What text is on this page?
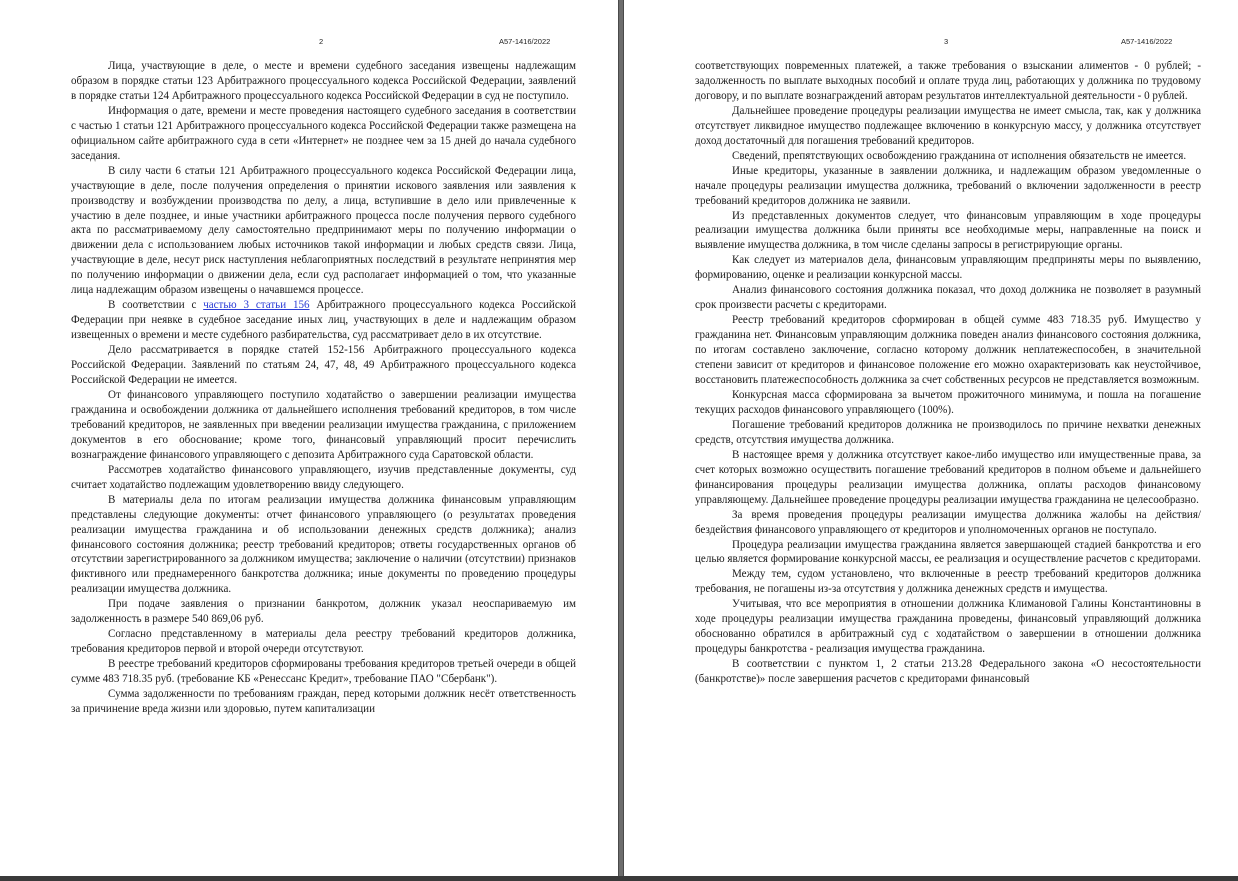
2	А57-1416/2022

Лица, участвующие в деле, о месте и времени судебного заседания извещены надлежащим образом в порядке статьи 123 Арбитражного процессуального кодекса Российской Федерации, заявлений в порядке статьи 124 Арбитражного процессуального кодекса Российской Федерации в суд не поступило.

Информация о дате, времени и месте проведения настоящего судебного заседания в соответствии с частью 1 статьи 121 Арбитражного процессуального кодекса Российской Федерации также размещена на официальном сайте арбитражного суда в сети «Интернет» не позднее чем за 15 дней до начала судебного заседания.

В силу части 6 статьи 121 Арбитражного процессуального кодекса Российской Федерации лица, участвующие в деле, после получения определения о принятии искового заявления или заявления к производству и возбуждении производства по делу, а лица, вступившие в дело или привлеченные к участию в деле позднее, и иные участники арбитражного процесса после получения первого судебного акта по рассматриваемому делу самостоятельно предпринимают меры по получению информации о движении дела с использованием любых источников такой информации и любых средств связи. Лица, участвующие в деле, несут риск наступления неблагоприятных последствий в результате непринятия мер по получению информации о движении дела, если суд располагает информацией о том, что указанные лица надлежащим образом извещены о начавшемся процессе.

В соответствии с частью 3 статьи 156 Арбитражного процессуального кодекса Российской Федерации при неявке в судебное заседание иных лиц, участвующих в деле и надлежащим образом извещенных о времени и месте судебного разбирательства, суд рассматривает дело в их отсутствие.

Дело рассматривается в порядке статей 152-156 Арбитражного процессуального кодекса Российской Федерации. Заявлений по статьям 24, 47, 48, 49 Арбитражного процессуального кодекса Российской Федерации не имеется.

От финансового управляющего поступило ходатайство о завершении реализации имущества гражданина и освобождении должника от дальнейшего исполнения требований кредиторов, в том числе требований кредиторов, не заявленных при введении реализации имущества гражданина, с приложением документов в его обоснование; кроме того, финансовый управляющий просит перечислить вознаграждение финансового управляющего с депозита Арбитражного суда Саратовской области.

Рассмотрев ходатайство финансового управляющего, изучив представленные документы, суд считает ходатайство подлежащим удовлетворению ввиду следующего.

В материалы дела по итогам реализации имущества должника финансовым управляющим представлены следующие документы: отчет финансового управляющего (о результатах проведения реализации имущества гражданина и об использовании денежных средств должника); анализ финансового состояния должника; реестр требований кредиторов; ответы государственных органов об отсутствии зарегистрированного за должником имущества; заключение о наличии (отсутствии) признаков фиктивного или преднамеренного банкротства должника; иные документы по проведению процедуры реализации имущества должника.

При подаче заявления о признании банкротом, должник указал неоспариваемую им задолженность в размере 540 869,06 руб.

Согласно представленному в материалы дела реестру требований кредиторов должника, требования кредиторов первой и второй очереди отсутствуют.

В реестре требований кредиторов сформированы требования кредиторов третьей очереди в общей сумме 483 718.35 руб. (требование КБ «Ренессанс Кредит», требование ПАО "Сбербанк").

Сумма задолженности по требованиям граждан, перед которыми должник несёт ответственность за причинение вреда жизни или здоровью, путем капитализации

3	А57-1416/2022

соответствующих повременных платежей, а также требования о взыскании алиментов - 0 рублей; - задолженность по выплате выходных пособий и оплате труда лиц, работающих у должника по трудовому договору, и по выплате вознаграждений авторам результатов интеллектуальной деятельности - 0 рублей.

Дальнейшее проведение процедуры реализации имущества не имеет смысла, так, как у должника отсутствует ликвидное имущество подлежащее включению в конкурсную массу, у должника отсутствует доход достаточный для погашения требований кредиторов.

Сведений, препятствующих освобождению гражданина от исполнения обязательств не имеется.

Иные кредиторы, указанные в заявлении должника, и надлежащим образом уведомленные о начале процедуры реализации имущества должника, требований о включении задолженности в реестр требований кредиторов должника не заявили.

Из представленных документов следует, что финансовым управляющим в ходе процедуры реализации имущества должника были приняты все необходимые меры, направленные на поиск и выявление имущества должника, в том числе сделаны запросы в регистрирующие органы.

Как следует из материалов дела, финансовым управляющим предприняты меры по выявлению, формированию, оценке и реализации конкурсной массы.

Анализ финансового состояния должника показал, что доход должника не позволяет в разумный срок произвести расчеты с кредиторами.

Реестр требований кредиторов сформирован в общей сумме 483 718.35 руб. Имущество у гражданина нет. Финансовым управляющим должника поведен анализ финансового состояния должника, по итогам составлено заключение, согласно которому должник неплатежеспособен, в значительной степени зависит от кредиторов и финансовое положение его можно охарактеризовать как неустойчивое, восстановить платежеспособность должника за счет собственных ресурсов не представляется возможным.

Конкурсная масса сформирована за вычетом прожиточного минимума, и пошла на погашение текущих расходов финансового управляющего (100%).

Погашение требований кредиторов должника не производилось по причине нехватки денежных средств, отсутствия имущества должника.

В настоящее время у должника отсутствует какое-либо имущество или имущественные права, за счет которых возможно осуществить погашение требований кредиторов в полном объеме и дальнейшего финансирования процедуры реализации имущества должника, оплаты расходов финансовому управляющему. Дальнейшее проведение процедуры реализации имущества гражданина не целесообразно.

За время проведения процедуры реализации имущества должника жалобы на действия/бездействия финансового управляющего от кредиторов и уполномоченных органов не поступало.

Процедура реализации имущества гражданина является завершающей стадией банкротства и его целью является формирование конкурсной массы, ее реализация и осуществление расчетов с кредиторами.

Между тем, судом установлено, что включенные в реестр требований кредиторов должника требования, не погашены из-за отсутствия у должника денежных средств и имущества.

Учитывая, что все мероприятия в отношении должника Климановой Галины Константиновны в ходе процедуры реализации имущества гражданина проведены, финансовый управляющий должника обоснованно обратился в арбитражный суд с ходатайством о завершении в отношении должника процедуры банкротства - реализация имущества гражданина.

В соответствии с пунктом 1, 2 статьи 213.28 Федерального закона «О несостоятельности (банкротстве)» после завершения расчетов с кредиторами финансовый
